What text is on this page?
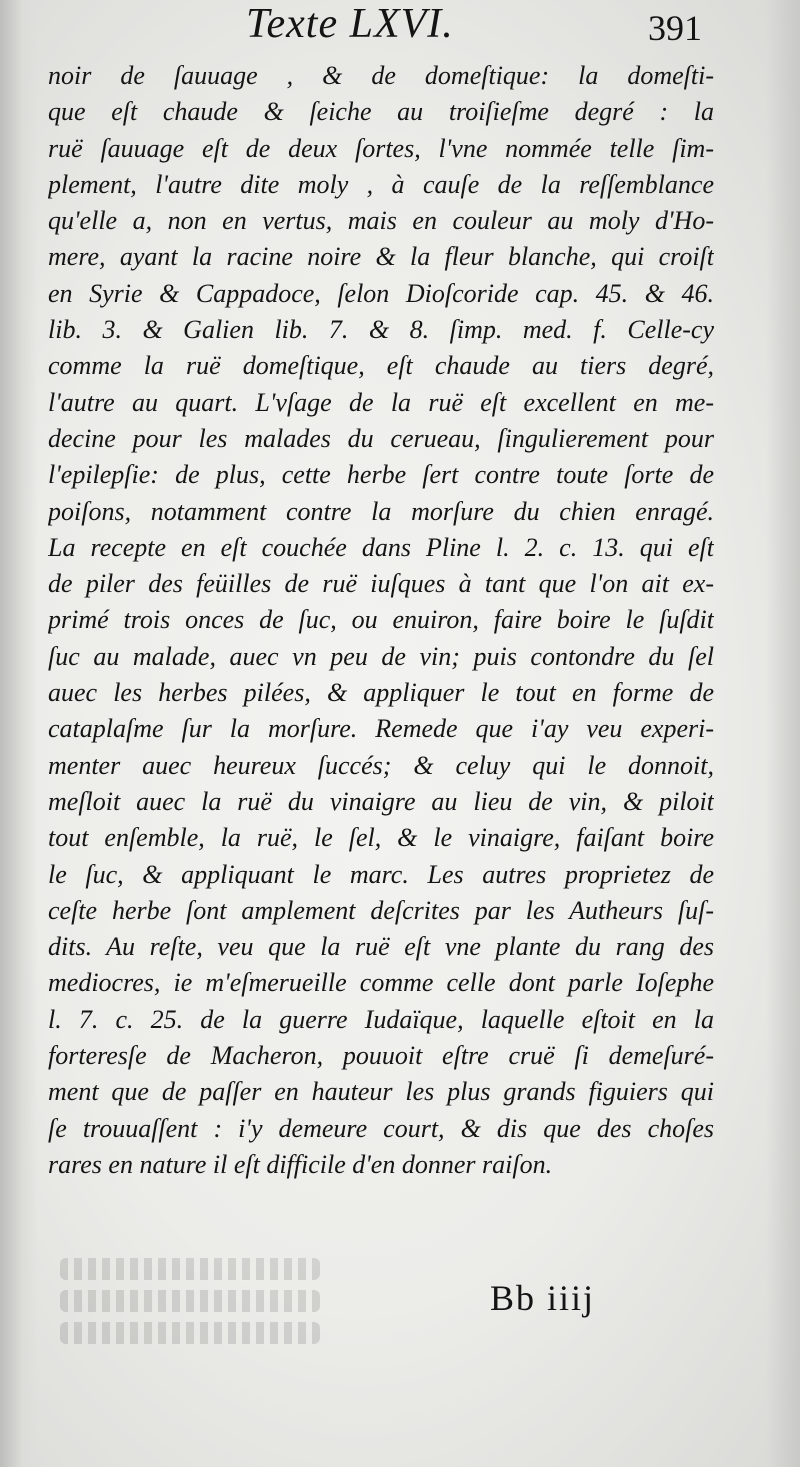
Texte LXVI.	391
noir de ſauuage , & de domeſtique: la domeſti-
que eſt chaude & ſeiche au troiſieſme degré : la
ruë ſauuage eſt de deux ſortes, l'vne nommée telle ſim-
plement, l'autre dite moly , à cauſe de la reſſemblance
qu'elle a, non en vertus, mais en couleur au moly d'Ho-
mere, ayant la racine noire & la fleur blanche, qui croiſt
en Syrie & Cappadoce, ſelon Dioſcoride cap. 45. & 46.
lib. 3. & Galien lib. 7. & 8. ſimp. med. f. Celle-cy
comme la ruë domeſtique, eſt chaude au tiers degré,
l'autre au quart. L'vſage de la ruë eſt excellent en me-
decine pour les malades du cerueau, ſingulierement pour
l'epilepſie: de plus, cette herbe ſert contre toute ſorte de
poiſons, notamment contre la morſure du chien enragé.
La recepte en eſt couchée dans Pline l. 2. c. 13. qui eſt
de piler des feüilles de ruë iuſques à tant que l'on ait ex-
primé trois onces de ſuc, ou enuiron, faire boire le ſuſdit
ſuc au malade, auec vn peu de vin; puis contondre du ſel
auec les herbes pilées, & appliquer le tout en forme de
cataplaſme ſur la morſure. Remede que i'ay veu experi-
menter auec heureux ſuccés; & celuy qui le donnoit,
meſloit auec la ruë du vinaigre au lieu de vin, & piloit
tout enſemble, la ruë, le ſel, & le vinaigre, faiſant boire
le ſuc, & appliquant le marc. Les autres proprietez de
ceſte herbe ſont amplement deſcrites par les Autheurs ſuſ-
dits. Au reſte, veu que la ruë eſt vne plante du rang des
mediocres, ie m'eſmerueille comme celle dont parle Ioſephe
l. 7. c. 25. de la guerre Iudaïque, laquelle eſtoit en la
forteresſe de Macheron, pouuoit eſtre cruë ſi demeſuré-
ment que de paſſer en hauteur les plus grands figuiers qui
ſe trouuaſſent : i'y demeure court, & dis que des choſes
rares en nature il eſt difficile d'en donner raiſon.
Bb iiij
